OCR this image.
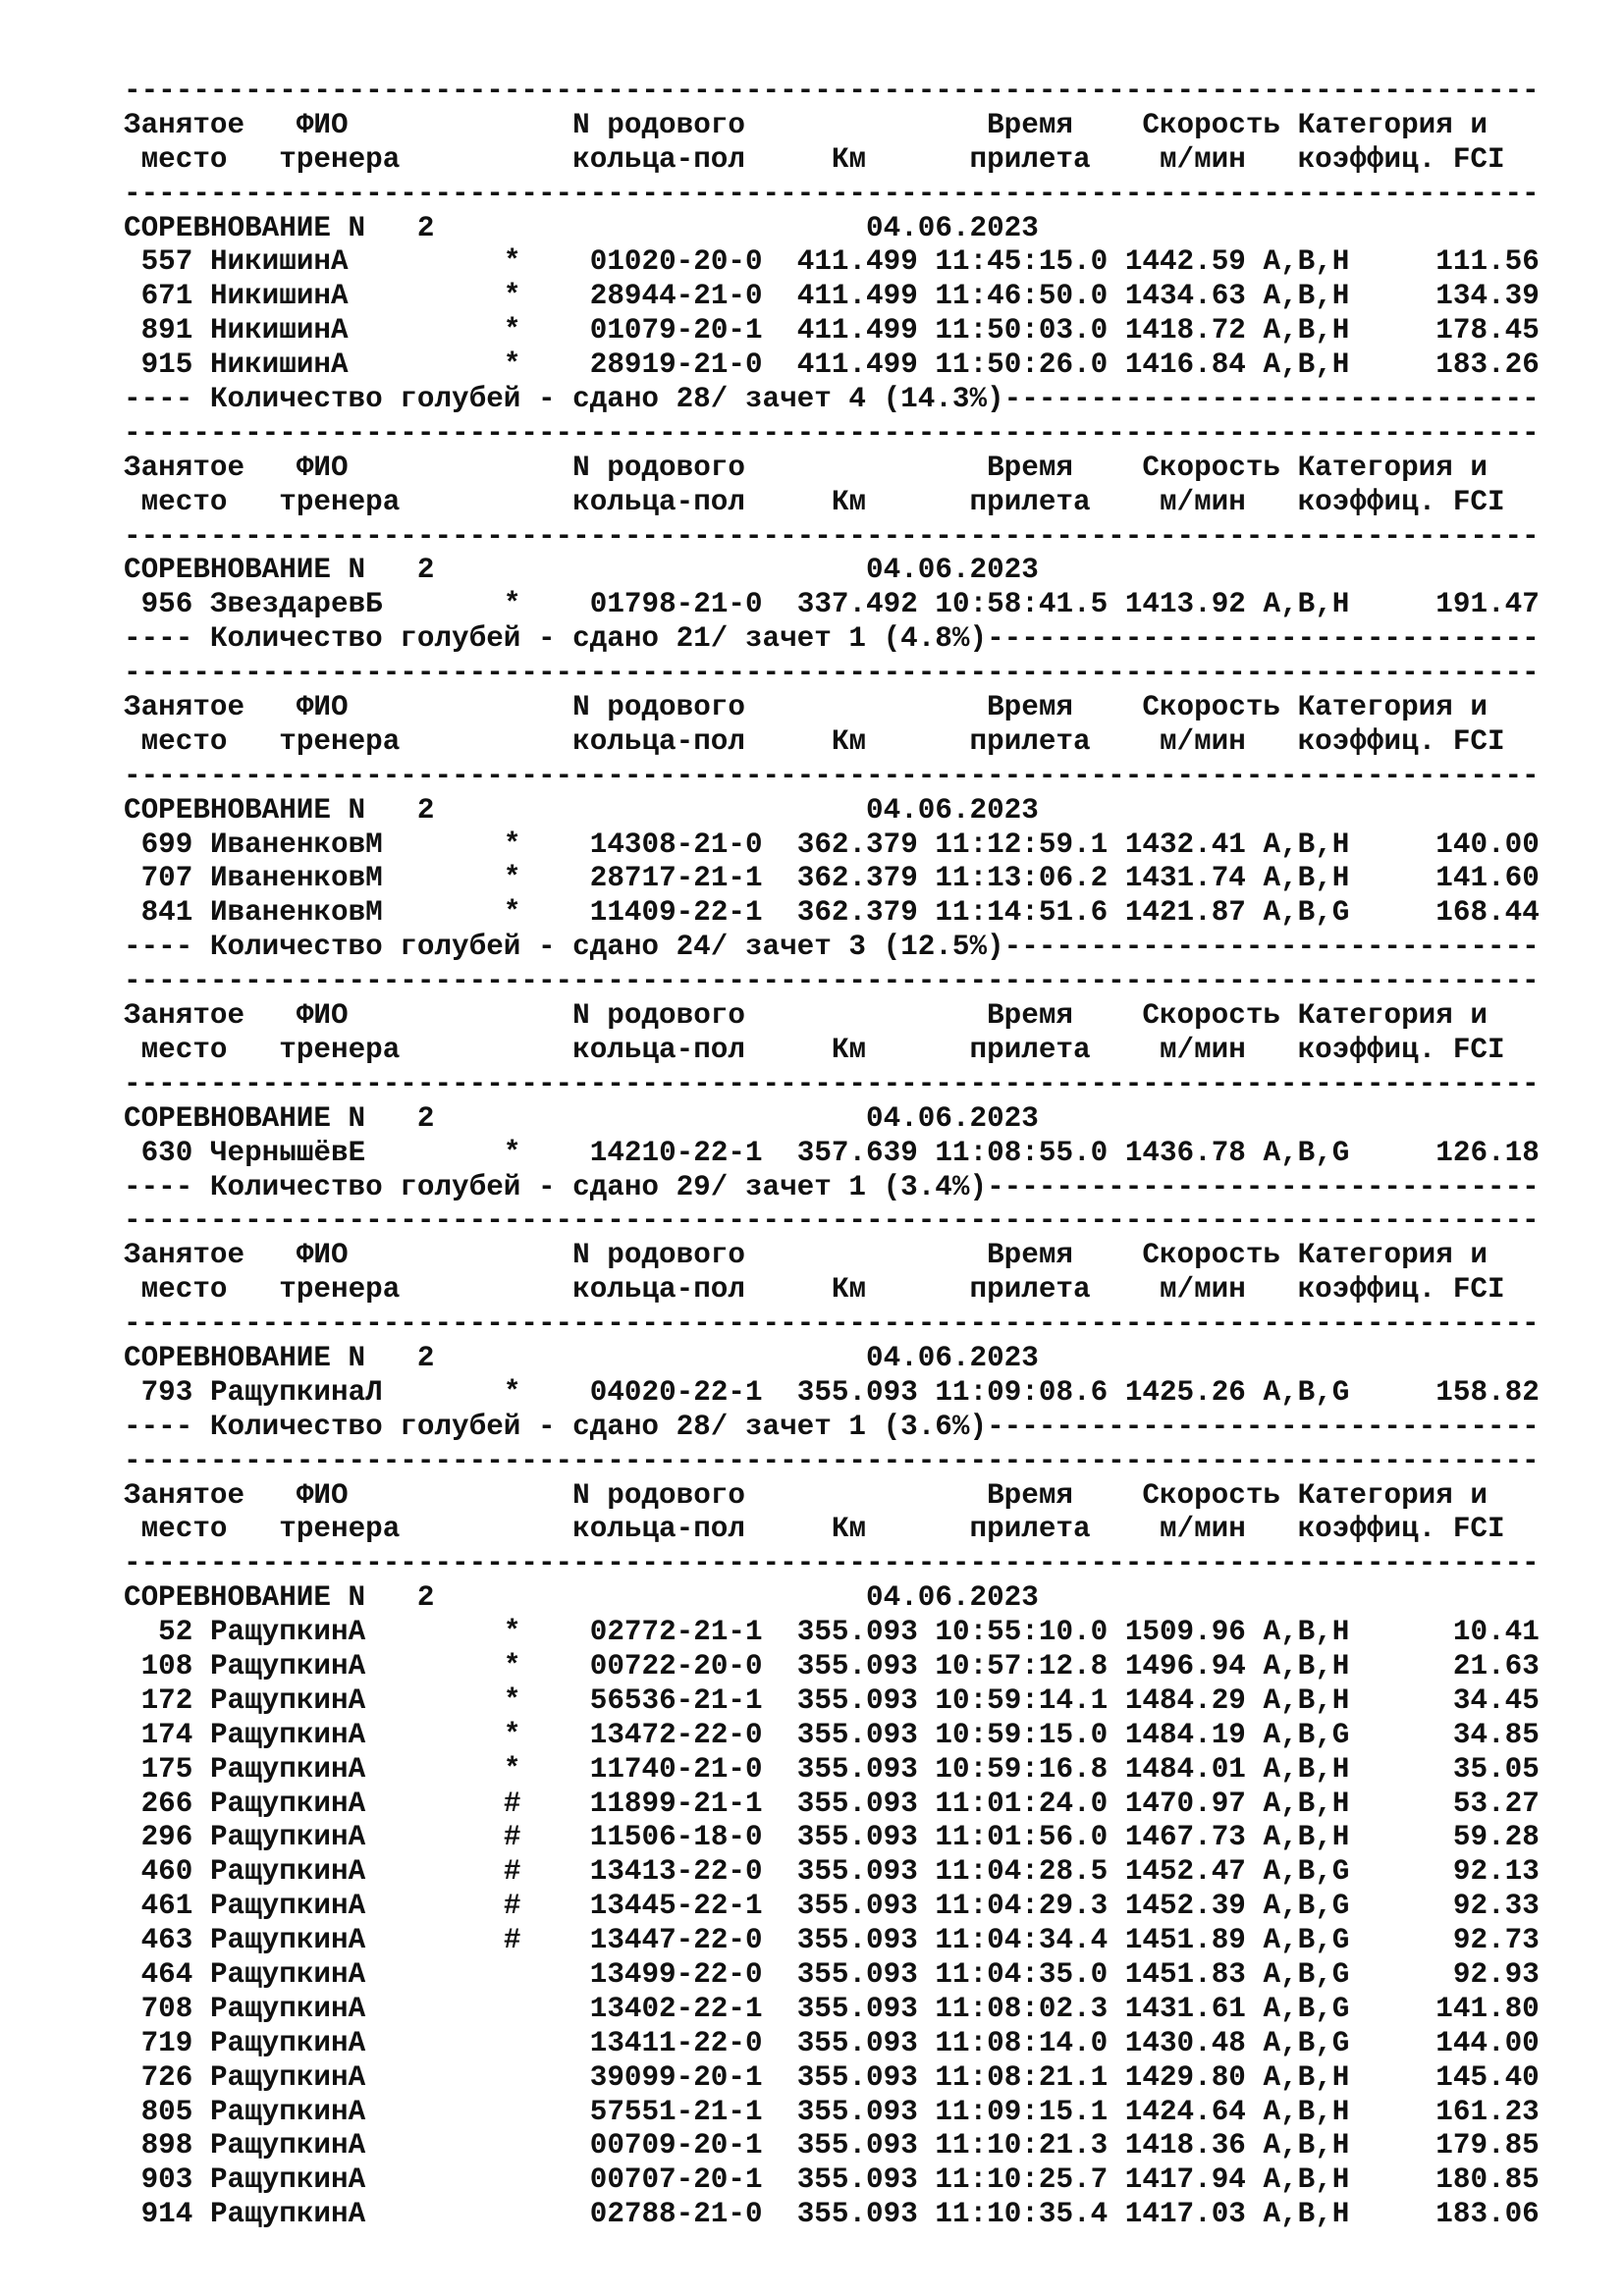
----------------------------------------------------------------------------------
Занятое ФИО	N родового	Время Скорость Категория и
место тренера	кольца-пол	Км	прилета м/мин коэффиц. FCI
----------------------------------------------------------------------------------
СОРЕВНОВАНИЕ N 2	04.06.2023
557 НикишинА	* 01020-20-0 411.499 11:45:15.0 1442.59 A,B,H	111.56
671 НикишинА	* 28944-21-0 411.499 11:46:50.0 1434.63 A,B,H	134.39
891 НикишинА	* 01079-20-1 411.499 11:50:03.0 1418.72 A,B,H	178.45
915 НикишинА	* 28919-21-0 411.499 11:50:26.0 1416.84 A,B,H	183.26
---- Количество голубей - сдано 28/ зачет 4 (14.3%)-------------------------------
----------------------------------------------------------------------------------
Занятое ФИО	N родового	Время Скорость Категория и
место тренера	кольца-пол	Км	прилета м/мин коэффиц. FCI
----------------------------------------------------------------------------------
СОРЕВНОВАНИЕ N 2	04.06.2023
956 ЗвездаревБ	* 01798-21-0 337.492 10:58:41.5 1413.92 A,B,H	191.47
---- Количество голубей - сдано 21/ зачет 1 (4.8%)--------------------------------
----------------------------------------------------------------------------------
Занятое ФИО	N родового	Время Скорость Категория и
место тренера	кольца-пол	Км	прилета м/мин коэффиц. FCI
----------------------------------------------------------------------------------
СОРЕВНОВАНИЕ N 2	04.06.2023
699 ИваненковМ	* 14308-21-0 362.379 11:12:59.1 1432.41 A,B,H	140.00
707 ИваненковМ	* 28717-21-1 362.379 11:13:06.2 1431.74 A,B,H	141.60
841 ИваненковМ	* 11409-22-1 362.379 11:14:51.6 1421.87 A,B,G	168.44
---- Количество голубей - сдано 24/ зачет 3 (12.5%)-------------------------------
----------------------------------------------------------------------------------
Занятое ФИО	N родового	Время Скорость Категория и
место тренера	кольца-пол	Км	прилета м/мин коэффиц. FCI
----------------------------------------------------------------------------------
СОРЕВНОВАНИЕ N 2	04.06.2023
630 ЧернышёвЕ	* 14210-22-1 357.639 11:08:55.0 1436.78 A,B,G	126.18
---- Количество голубей - сдано 29/ зачет 1 (3.4%)--------------------------------
----------------------------------------------------------------------------------
Занятое ФИО	N родового	Время Скорость Категория и
место тренера	кольца-пол	Км	прилета м/мин коэффиц. FCI
----------------------------------------------------------------------------------
СОРЕВНОВАНИЕ N 2	04.06.2023
793 РащупкинаЛ	* 04020-22-1 355.093 11:09:08.6 1425.26 A,B,G	158.82
---- Количество голубей - сдано 28/ зачет 1 (3.6%)--------------------------------
----------------------------------------------------------------------------------
Занятое ФИО	N родового	Время Скорость Категория и
место тренера	кольца-пол	Км	прилета м/мин коэффиц. FCI
----------------------------------------------------------------------------------
СОРЕВНОВАНИЕ N 2	04.06.2023
52 РащупкинА	* 02772-21-1 355.093 10:55:10.0 1509.96 A,B,H	10.41
108 РащупкинА	* 00722-20-0 355.093 10:57:12.8 1496.94 A,B,H	21.63
172 РащупкинА	* 56536-21-1 355.093 10:59:14.1 1484.29 A,B,H	34.45
174 РащупкинА	* 13472-22-0 355.093 10:59:15.0 1484.19 A,B,G	34.85
175 РащупкинА	* 11740-21-0 355.093 10:59:16.8 1484.01 A,B,H	35.05
266 РащупкинА	# 11899-21-1 355.093 11:01:24.0 1470.97 A,B,H	53.27
296 РащупкинА	# 11506-18-0 355.093 11:01:56.0 1467.73 A,B,H	59.28
460 РащупкинА	# 13413-22-0 355.093 11:04:28.5 1452.47 A,B,G	92.13
461 РащупкинА	# 13445-22-1 355.093 11:04:29.3 1452.39 A,B,G	92.33
463 РащупкинА	# 13447-22-0 355.093 11:04:34.4 1451.89 A,B,G	92.73
464 РащупкинА	13499-22-0 355.093 11:04:35.0 1451.83 A,B,G	92.93
708 РащупкинА	13402-22-1 355.093 11:08:02.3 1431.61 A,B,G	141.80
719 РащупкинА	13411-22-0 355.093 11:08:14.0 1430.48 A,B,G	144.00
726 РащупкинА	39099-20-1 355.093 11:08:21.1 1429.80 A,B,H	145.40
805 РащупкинА	57551-21-1 355.093 11:09:15.1 1424.64 A,B,H	161.23
898 РащупкинА	00709-20-1 355.093 11:10:21.3 1418.36 A,B,H	179.85
903 РащупкинА	00707-20-1 355.093 11:10:25.7 1417.94 A,B,H	180.85
914 РащупкинА	02788-21-0 355.093 11:10:35.4 1417.03 A,B,H	183.06
